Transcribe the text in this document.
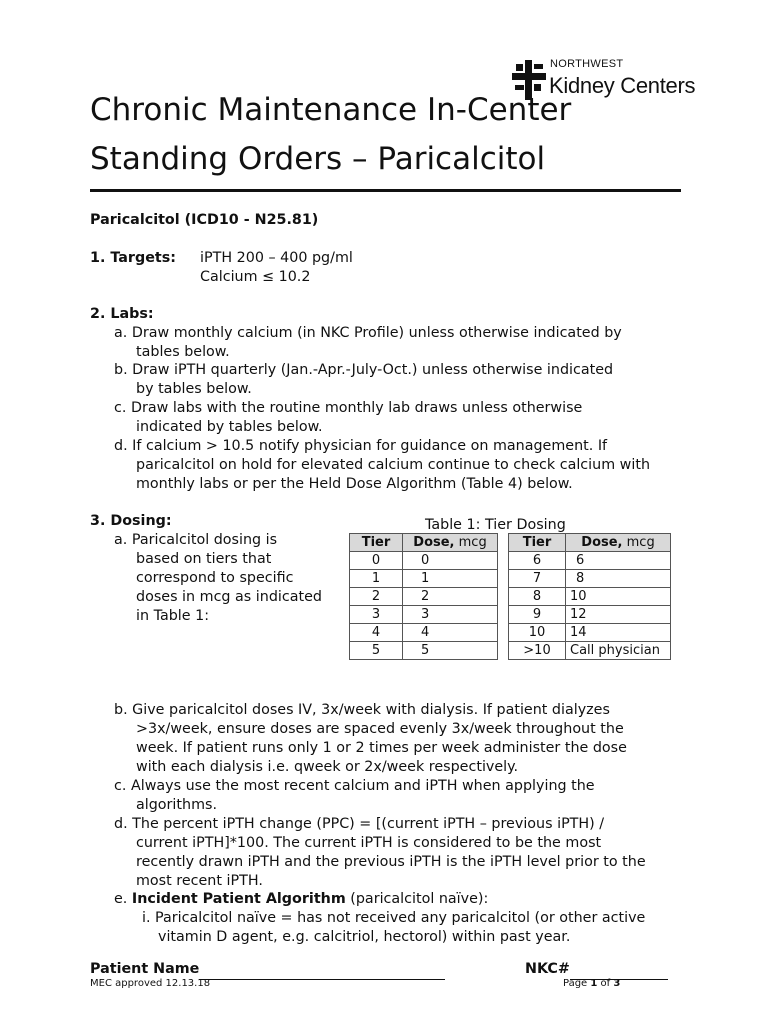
NORTHWEST
Kidney Centers
Chronic Maintenance In-Center
Standing Orders – Paricalcitol
Paricalcitol (ICD10 - N25.81)
1. Targets: iPTH 200 – 400 pg/ml
Calcium ≤ 10.2
2. Labs:
a. Draw monthly calcium (in NKC Profile) unless otherwise indicated by
tables below.
b. Draw iPTH quarterly (Jan.-Apr.-July-Oct.) unless otherwise indicated
by tables below.
c. Draw labs with the routine monthly lab draws unless otherwise
indicated by tables below.
d. If calcium > 10.5 notify physician for guidance on management. If
paricalcitol on hold for elevated calcium continue to check calcium with
monthly labs or per the Held Dose Algorithm (Table 4) below.
3. Dosing:
a. Paricalcitol dosing is
based on tiers that
correspond to specific
doses in mcg as indicated
in Table 1:
Table 1: Tier Dosing
Tier	Dose, mcg		Tier	Dose, mcg
0	0		6	6
1	1		7	8
2	2		8	10
3	3		9	12
4	4		10	14
5	5		>10	Call physician
b. Give paricalcitol doses IV, 3x/week with dialysis. If patient dialyzes
>3x/week, ensure doses are spaced evenly 3x/week throughout the
week. If patient runs only 1 or 2 times per week administer the dose
with each dialysis i.e. qweek or 2x/week respectively.
c. Always use the most recent calcium and iPTH when applying the
algorithms.
d. The percent iPTH change (PPC) = [(current iPTH – previous iPTH) /
current iPTH]*100. The current iPTH is considered to be the most
recently drawn iPTH and the previous iPTH is the iPTH level prior to the
most recent iPTH.
e. Incident Patient Algorithm (paricalcitol naïve):
i. Paricalcitol naïve = has not received any paricalcitol (or other active
vitamin D agent, e.g. calcitriol, hectorol) within past year.
Patient Name	NKC#
MEC approved 12.13.18	Page 1 of 3
